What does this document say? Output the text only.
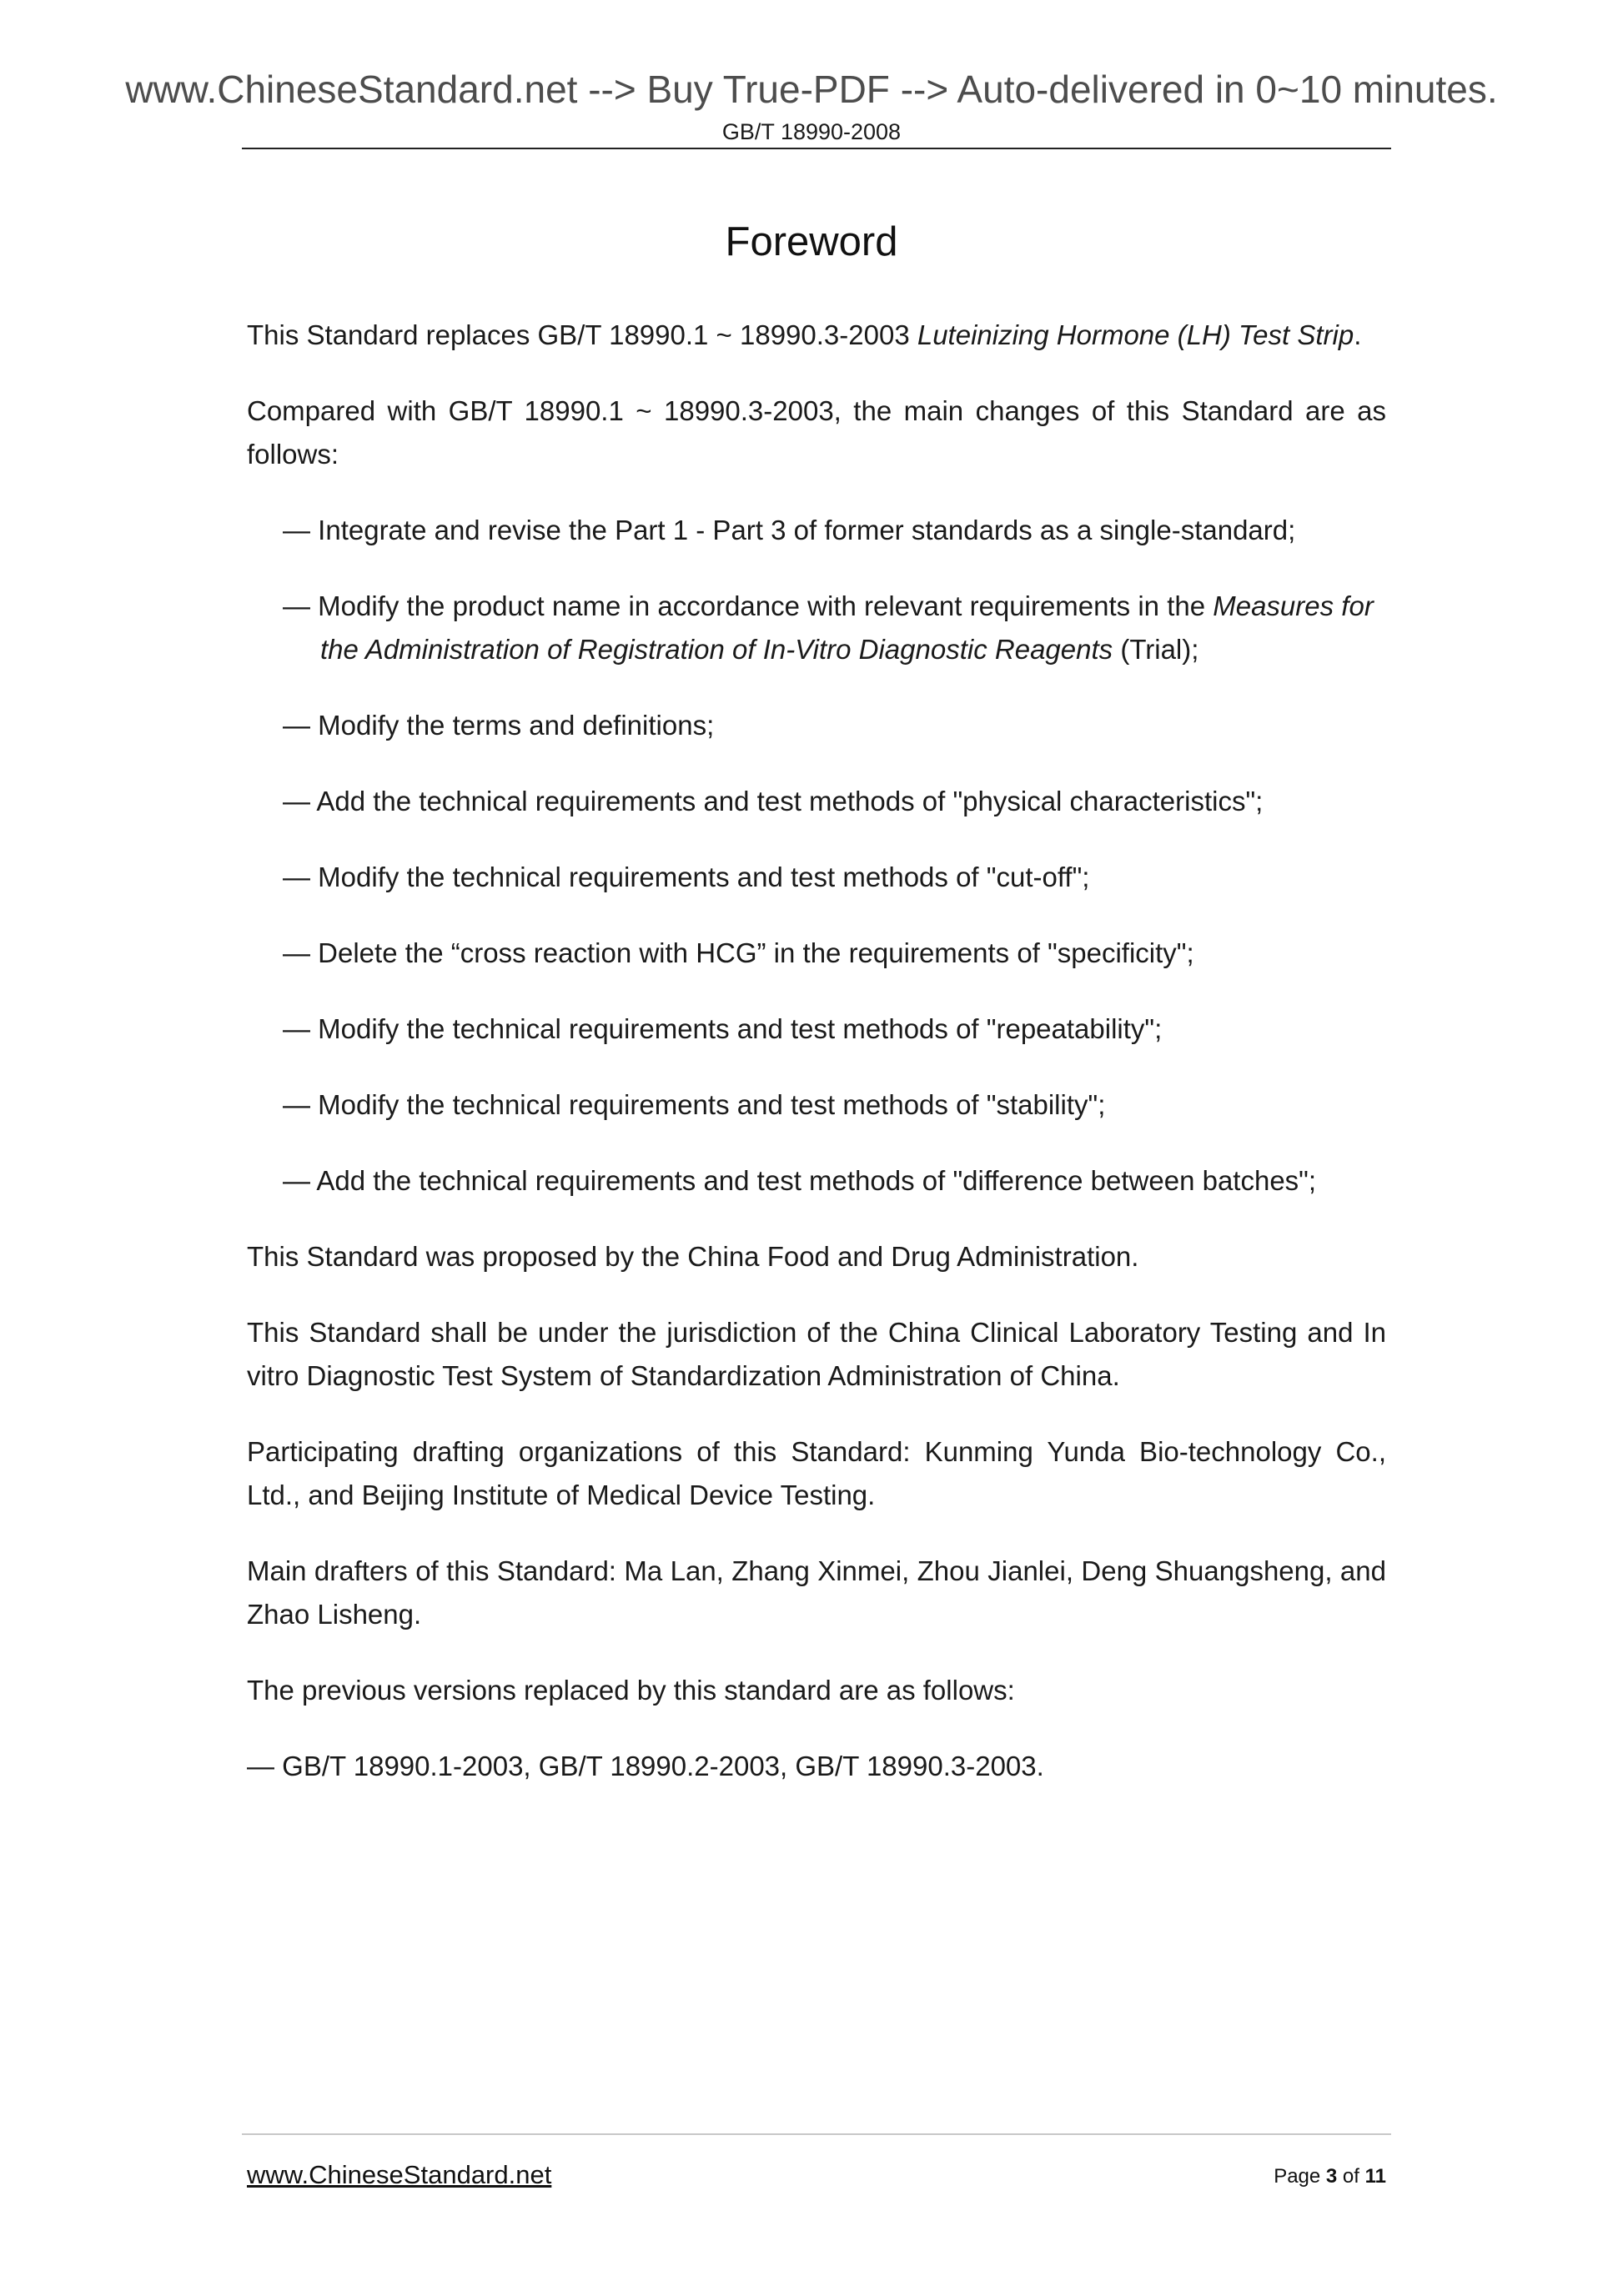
www.ChineseStandard.net --> Buy True-PDF --> Auto-delivered in 0~10 minutes.
GB/T 18990-2008
Foreword

This Standard replaces GB/T 18990.1 ~ 18990.3-2003 Luteinizing Hormone (LH) Test Strip.

Compared with GB/T 18990.1 ~ 18990.3-2003, the main changes of this Standard are as follows:

— Integrate and revise the Part 1 - Part 3 of former standards as a single-standard;

— Modify the product name in accordance with relevant requirements in the Measures for the Administration of Registration of In-Vitro Diagnostic Reagents (Trial);

— Modify the terms and definitions;

— Add the technical requirements and test methods of "physical characteristics";

— Modify the technical requirements and test methods of "cut-off";

— Delete the “cross reaction with HCG” in the requirements of "specificity";

— Modify the technical requirements and test methods of "repeatability";

— Modify the technical requirements and test methods of "stability";

— Add the technical requirements and test methods of "difference between batches";

This Standard was proposed by the China Food and Drug Administration.

This Standard shall be under the jurisdiction of the China Clinical Laboratory Testing and In vitro Diagnostic Test System of Standardization Administration of China.

Participating drafting organizations of this Standard: Kunming Yunda Bio-technology Co., Ltd., and Beijing Institute of Medical Device Testing.

Main drafters of this Standard: Ma Lan, Zhang Xinmei, Zhou Jianlei, Deng Shuangsheng, and Zhao Lisheng.

The previous versions replaced by this standard are as follows:

— GB/T 18990.1-2003, GB/T 18990.2-2003, GB/T 18990.3-2003.

www.ChineseStandard.net	Page 3 of 11
